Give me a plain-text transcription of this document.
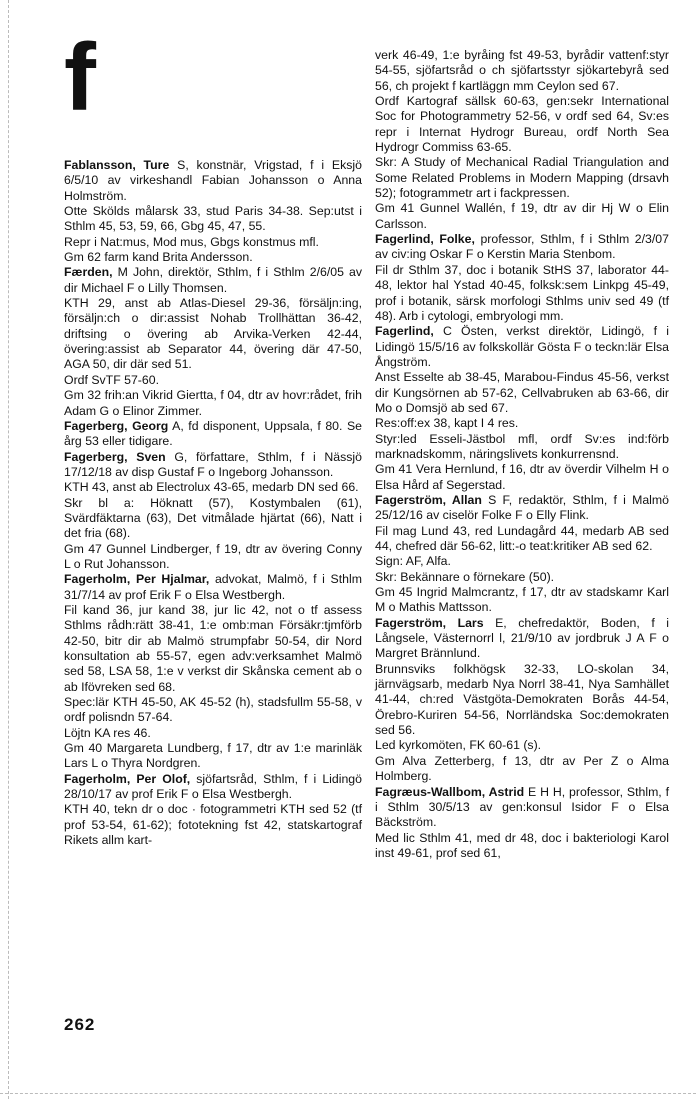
f

Fablansson, Ture S, konstnär, Vrigstad, f i Eksjö 6/5/10 av virkeshandl Fabian Johansson o Anna Holmström.

Otte Skölds målarsk 33, stud Paris 34-38. Sep:utst i Sthlm 45, 53, 59, 66, Gbg 45, 47, 55.

Repr i Nat:mus, Mod mus, Gbgs konstmus mfl.

Gm 62 farm kand Brita Andersson.

Færden, M John, direktör, Sthlm, f i Sthlm 2/6/05 av dir Michael F o Lilly Thomsen.

KTH 29, anst ab Atlas-Diesel 29-36, försäljn:ing, försäljn:ch o dir:assist Nohab Trollhättan 36-42, driftsing o övering ab Arvika-Verken 42-44, övering:assist ab Separator 44, övering där 47-50, AGA 50, dir där sed 51.

Ordf SvTF 57-60.

Gm 32 frih:an Vikrid Giertta, f 04, dtr av hovr:rådet, frih Adam G o Elinor Zimmer.

Fagerberg, Georg A, fd disponent, Uppsala, f 80. Se årg 53 eller tidigare.

Fagerberg, Sven G, författare, Sthlm, f i Nässjö 17/12/18 av disp Gustaf F o Ingeborg Johansson.

KTH 43, anst ab Electrolux 43-65, medarb DN sed 66.

Skr bl a: Höknatt (57), Kostymbalen (61), Svärdfäktarna (63), Det vitmålade hjärtat (66), Natt i det fria (68).

Gm 47 Gunnel Lindberger, f 19, dtr av övering Conny L o Rut Johansson.

Fagerholm, Per Hjalmar, advokat, Malmö, f i Sthlm 31/7/14 av prof Erik F o Elsa Westbergh.

Fil kand 36, jur kand 38, jur lic 42, not o tf assess Sthlms rådh:rätt 38-41, 1:e omb:man Försäkr:tjmförb 42-50, bitr dir ab Malmö strumpfabr 50-54, dir Nord konsultation ab 55-57, egen adv:verksamhet Malmö sed 58, LSA 58, 1:e v verkst dir Skånska cement ab o ab Ifövreken sed 68.

Spec:lär KTH 45-50, AK 45-52 (h), stadsfullm 55-58, v ordf polisndn 57-64.

Löjtn KA res 46.

Gm 40 Margareta Lundberg, f 17, dtr av 1:e marinläk Lars L o Thyra Nordgren.

Fagerholm, Per Olof, sjöfartsråd, Sthlm, f i Lidingö 28/10/17 av prof Erik F o Elsa Westbergh.

KTH 40, tekn dr o doc · fotogrammetri KTH sed 52 (tf prof 53-54, 61-62); fototekning fst 42, statskartograf Rikets allm kart-

verk 46-49, 1:e byråing fst 49-53, byrådir vattenf:styr 54-55, sjöfartsråd o ch sjöfartsstyr sjökartebyrå sed 56, ch projekt f kartläggn mm Ceylon sed 67.

Ordf Kartograf sällsk 60-63, gen:sekr International Soc for Photogrammetry 52-56, v ordf sed 64, Sv:es repr i Internat Hydrogr Bureau, ordf North Sea Hydrogr Commiss 63-65.

Skr: A Study of Mechanical Radial Triangulation and Some Related Problems in Modern Mapping (drsavh 52); fotogrammetr art i fackpressen.

Gm 41 Gunnel Wallén, f 19, dtr av dir Hj W o Elin Carlsson.

Fagerlind, Folke, professor, Sthlm, f i Sthlm 2/3/07 av civ:ing Oskar F o Kerstin Maria Stenbom.

Fil dr Sthlm 37, doc i botanik StHS 37, laborator 44-48, lektor hal Ystad 40-45, folksk:sem Linkpg 45-49, prof i botanik, särsk morfologi Sthlms univ sed 49 (tf 48). Arb i cytologi, embryologi mm.

Fagerlind, C Östen, verkst direktör, Lidingö, f i Lidingö 15/5/16 av folkskollär Gösta F o teckn:lär Elsa Ångström.

Anst Esselte ab 38-45, Marabou-Findus 45-56, verkst dir Kungsörnen ab 57-62, Cellvabruken ab 63-66, dir Mo o Domsjö ab sed 67.

Res:off:ex 38, kapt I 4 res.

Styr:led Esseli-Jästbol mfl, ordf Sv:es ind:förb marknadskomm, näringslivets konkurrensnd.

Gm 41 Vera Hernlund, f 16, dtr av överdir Vilhelm H o Elsa Hård af Segerstad.

Fagerström, Allan S F, redaktör, Sthlm, f i Malmö 25/12/16 av ciselör Folke F o Elly Flink.

Fil mag Lund 43, red Lundagård 44, medarb AB sed 44, chefred där 56-62, litt:-o teat:kritiker AB sed 62.

Sign: AF, Alfa.

Skr: Bekännare o förnekare (50).

Gm 45 Ingrid Malmcrantz, f 17, dtr av stadskamr Karl M o Mathis Mattsson.

Fagerström, Lars E, chefredaktör, Boden, f i Långsele, Västernorrl l, 21/9/10 av jordbruk J A F o Margret Brännlund.

Brunnsviks folkhögsk 32-33, LO-skolan 34, järnvägsarb, medarb Nya Norrl 38-41, Nya Samhället 41-44, ch:red Västgöta-Demokraten Borås 44-54, Örebro-Kuriren 54-56, Norrländska Soc:demokraten sed 56.

Led kyrkomöten, FK 60-61 (s).

Gm Alva Zetterberg, f 13, dtr av Per Z o Alma Holmberg.

Fagræus-Wallbom, Astrid E H H, professor, Sthlm, f i Sthlm 30/5/13 av gen:konsul Isidor F o Elsa Bäckström.

Med lic Sthlm 41, med dr 48, doc i bakteriologi Karol inst 49-61, prof sed 61,

262
